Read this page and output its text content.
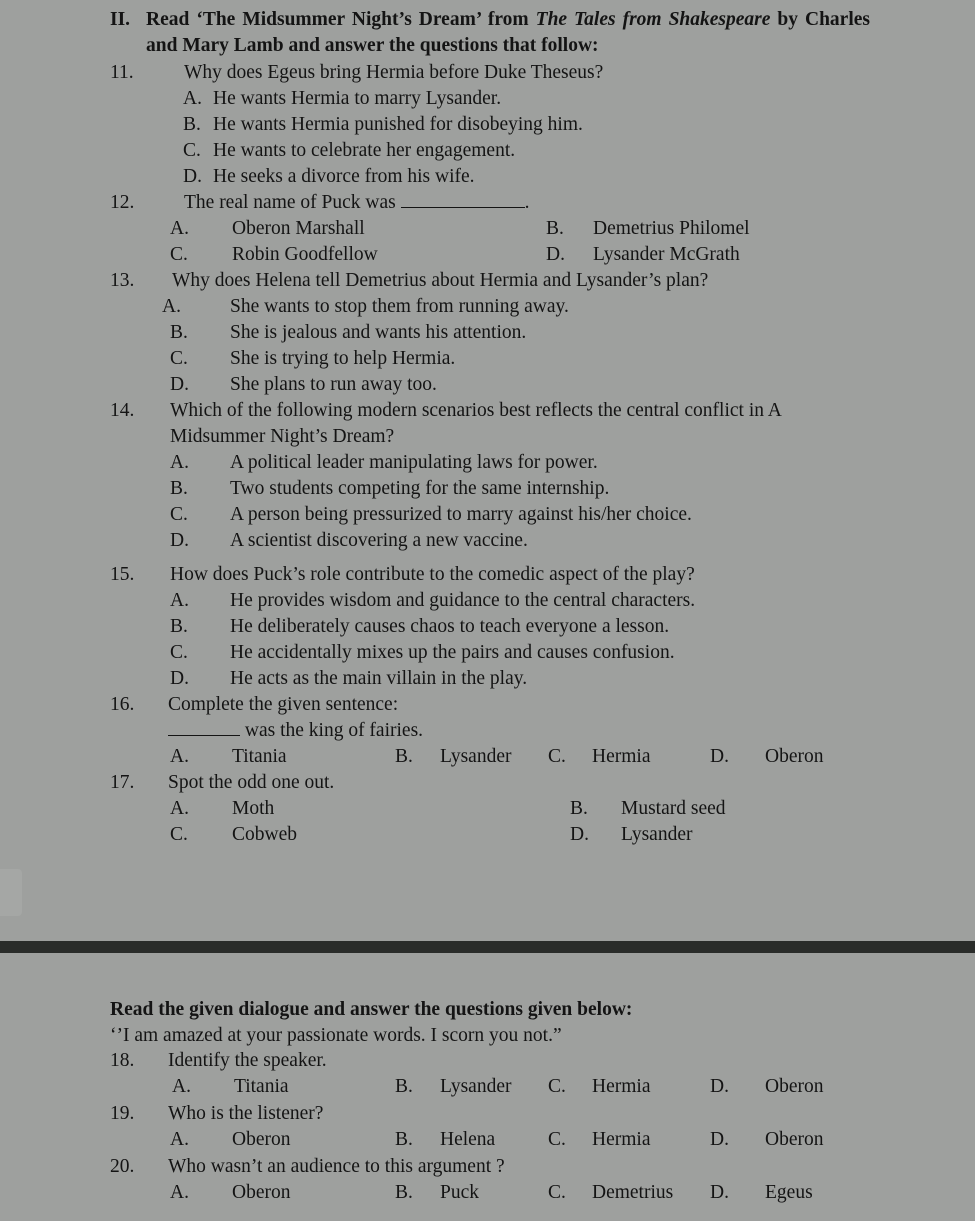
II. Read ‘The Midsummer Night’s Dream’ from The Tales from Shakespeare by Charles and Mary Lamb and answer the questions that follow:
11.	Why does Egeus bring Hermia before Duke Theseus?
A. He wants Hermia to marry Lysander.
B. He wants Hermia punished for disobeying him.
C. He wants to celebrate her engagement.
D. He seeks a divorce from his wife.
12.	The real name of Puck was	.
A. Oberon Marshall	B. Demetrius Philomel
C. Robin Goodfellow	D. Lysander McGrath
13.	Why does Helena tell Demetrius about Hermia and Lysander’s plan?
A.	She wants to stop them from running away.
B. She is jealous and wants his attention.
C. She is trying to help Hermia.
D. She plans to run away too.
14.	Which of the following modern scenarios best reflects the central conflict in A
Midsummer Night’s Dream?
A. A political leader manipulating laws for power.
B. Two students competing for the same internship.
C. A person being pressurized to marry against his/her choice.
D. A scientist discovering a new vaccine.
15.	How does Puck’s role contribute to the comedic aspect of the play?
A. He provides wisdom and guidance to the central characters.
B. He deliberately causes chaos to teach everyone a lesson.
C. He accidentally mixes up the pairs and causes confusion.
D. He acts as the main villain in the play.
16.	Complete the given sentence:
was the king of fairies.
A. Titania	B. Lysander C. Hermia	D. Oberon
17.	Spot the odd one out.
A. Moth	B. Mustard seed
C. Cobweb	D. Lysander
Read the given dialogue and answer the questions given below:
‘’I am amazed at your passionate words. I scorn you not.”
18.	Identify the speaker.
A. Titania	B. Lysander C. Hermia	D. Oberon
19.	Who is the listener?
A. Oberon	B. Helena	C. Hermia	D. Oberon
20.	Who wasn’t an audience to this argument ?
A. Oberon	B. Puck	C. Demetrius D. Egeus
